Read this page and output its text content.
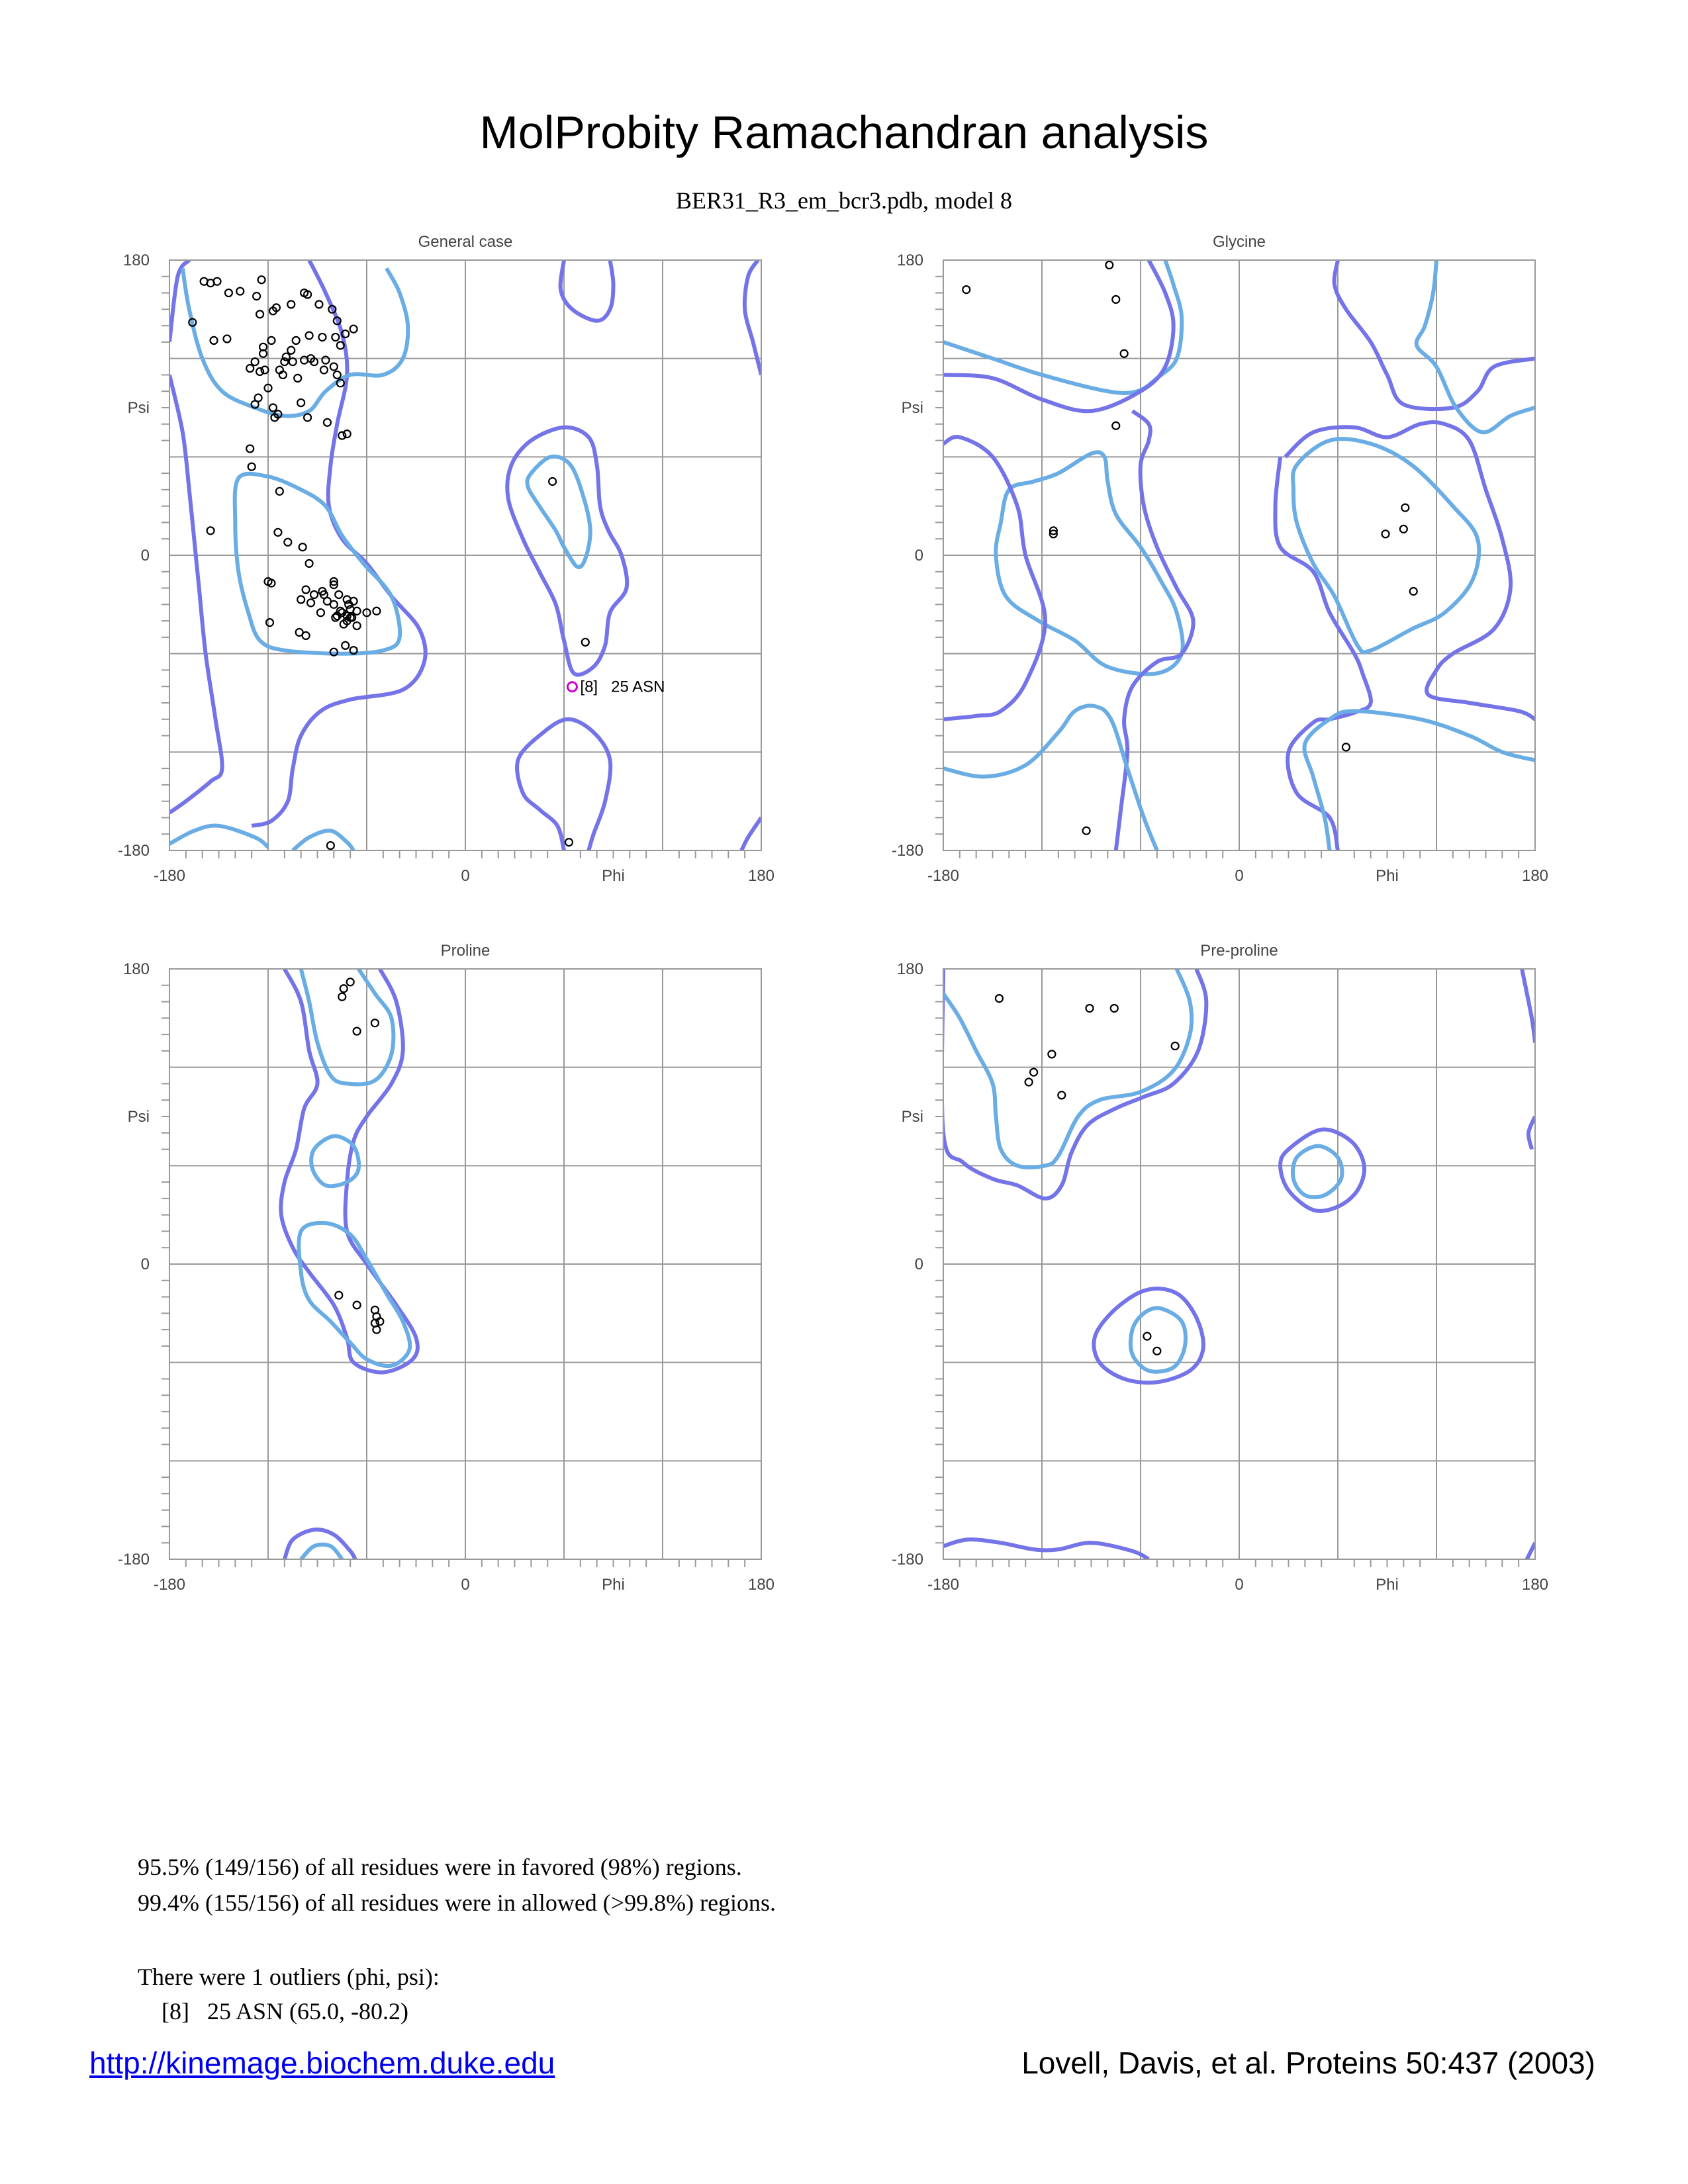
MolProbity Ramachandran analysis
BER31_R3_em_bcr3.pdb, model 8
General case
-180
-180
0
0
180
180
Phi
Psi
[8]   25 ASN
Glycine
-180
-180
0
0
180
180
Phi
Psi
Proline
-180
-180
0
0
180
180
Phi
Psi
Pre-proline
-180
-180
0
0
180
180
Phi
Psi
95.5% (149/156) of all residues were in favored (98%) regions.
99.4% (155/156) of all residues were in allowed (>99.8%) regions.
There were 1 outliers (phi, psi):
[8]   25 ASN (65.0, -80.2)
http://kinemage.biochem.duke.edu	Lovell, Davis, et al. Proteins 50:437 (2003)
